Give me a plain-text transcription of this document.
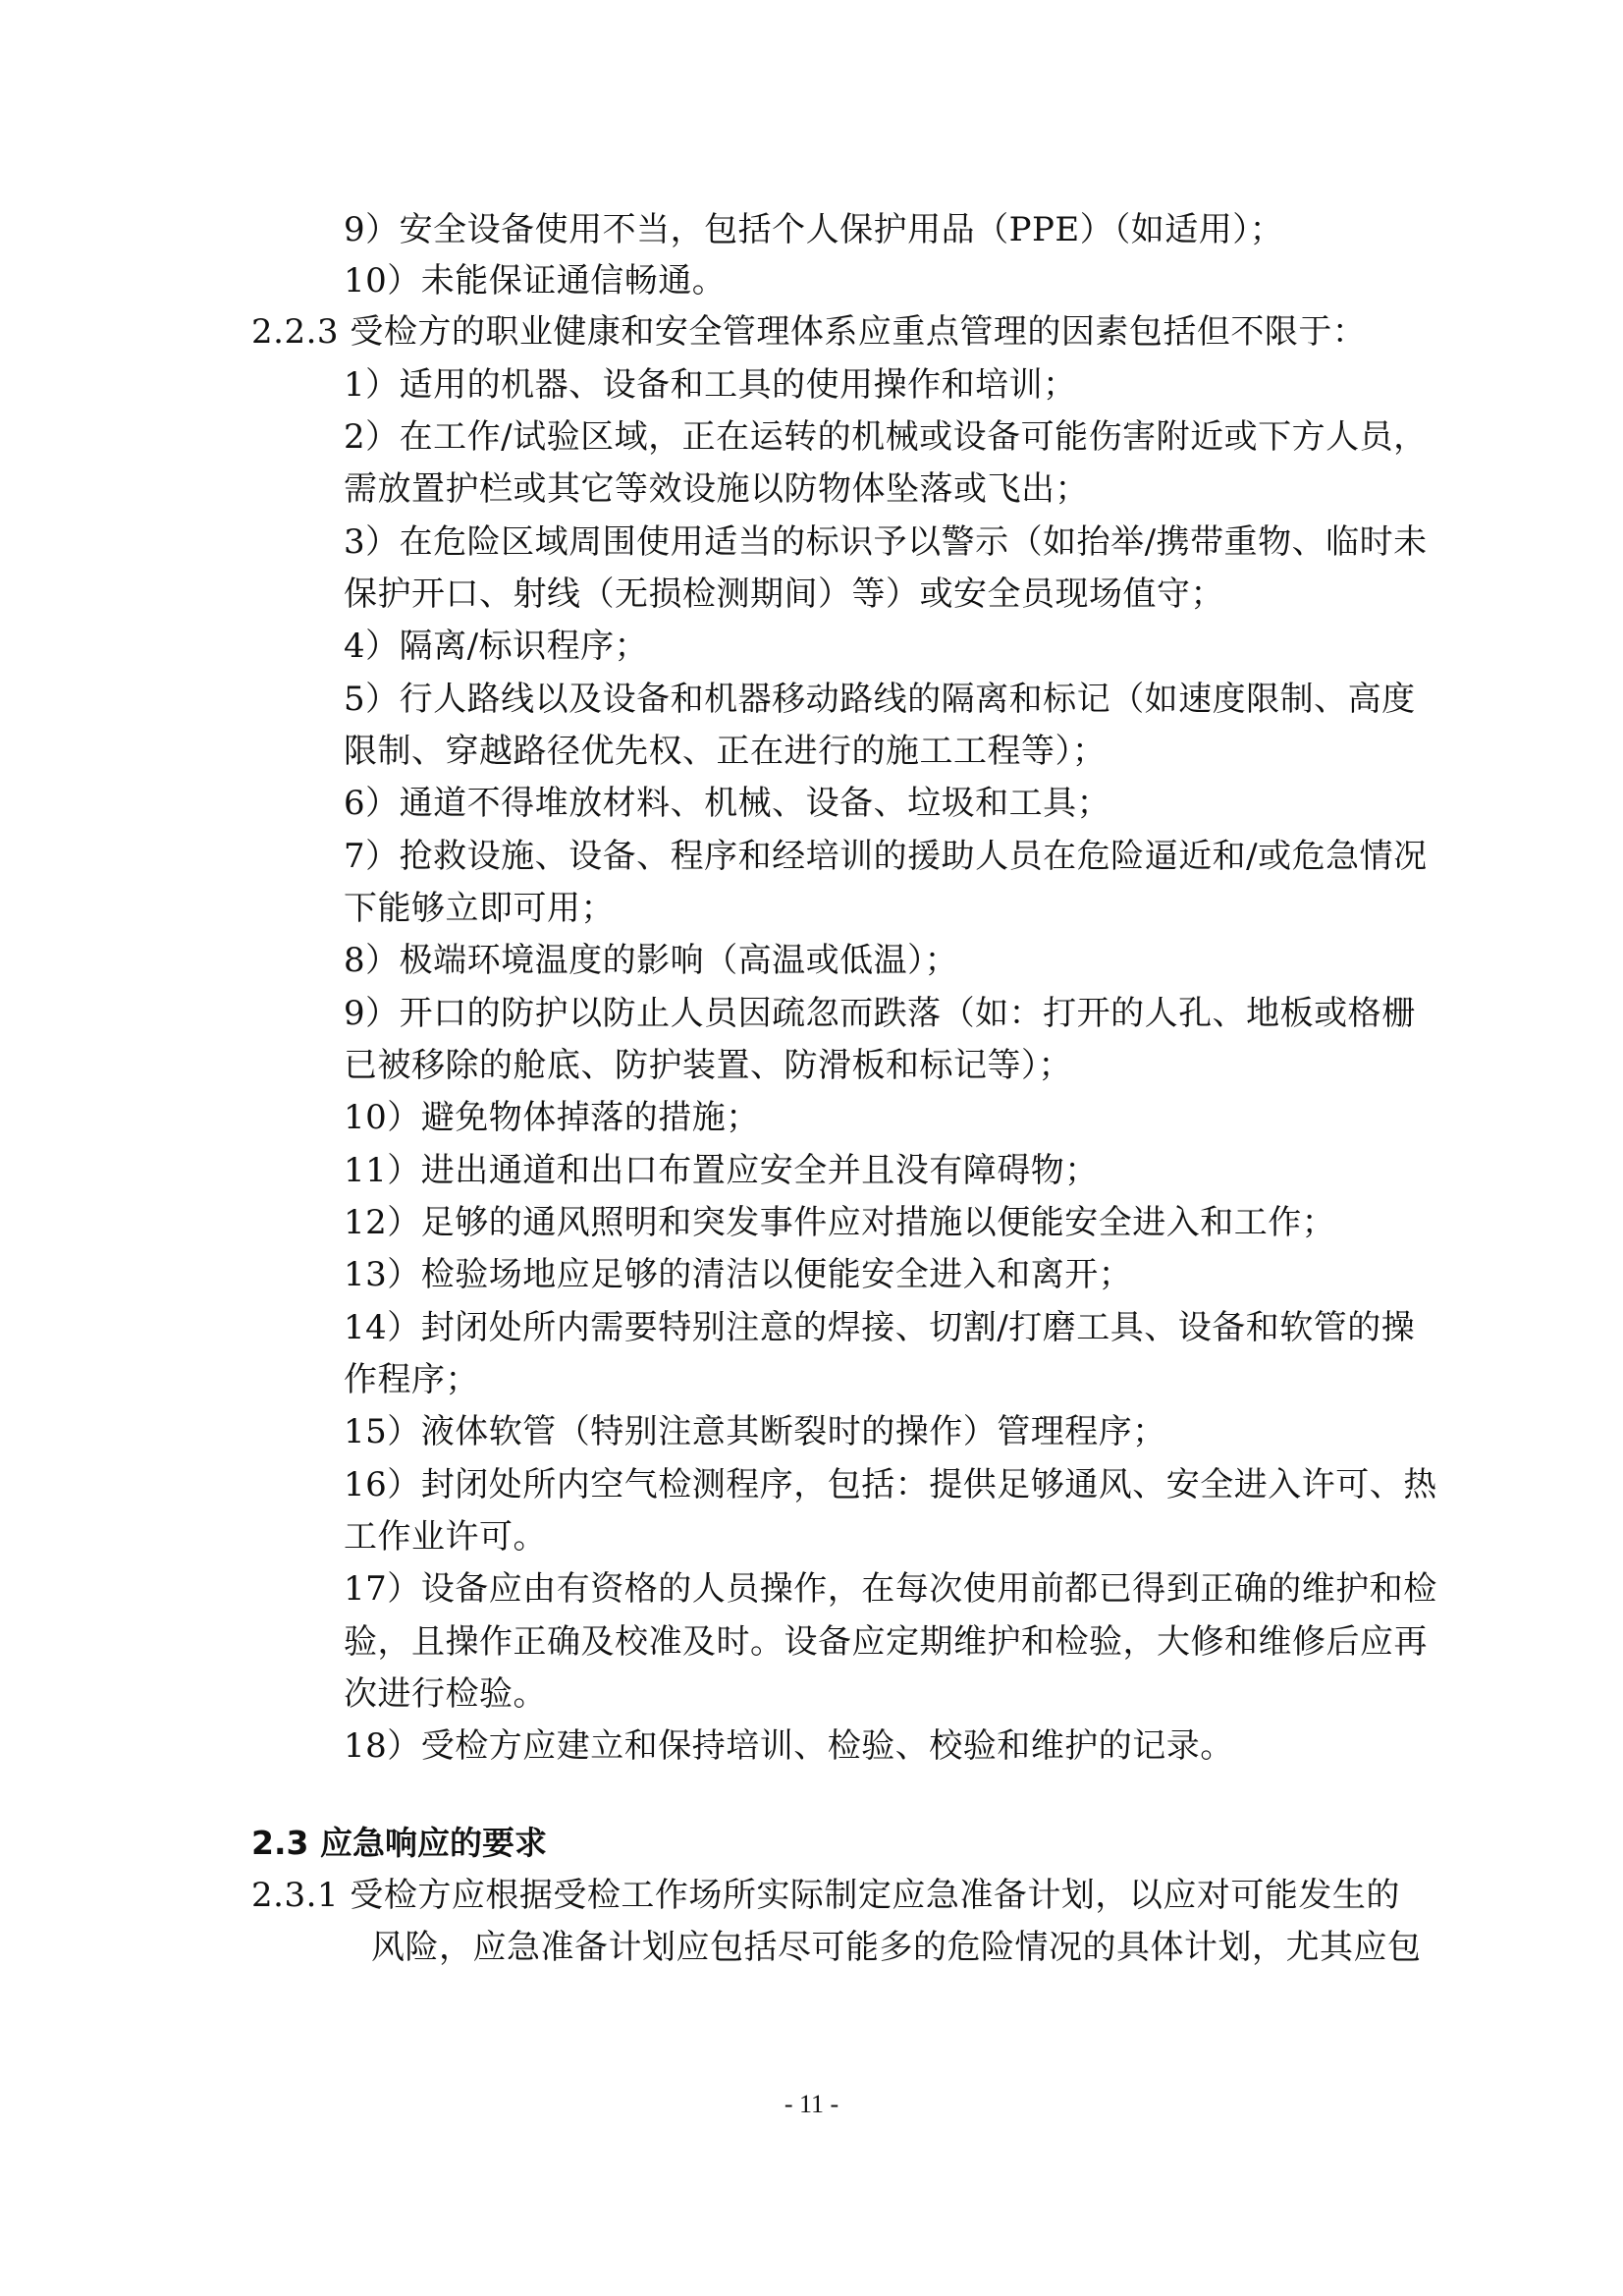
9）安全设备使用不当，包括个人保护用品（PPE）（如适用）；
10）未能保证通信畅通。
2.2.3 受检方的职业健康和安全管理体系应重点管理的因素包括但不限于：
1）适用的机器、设备和工具的使用操作和培训；
2）在工作/试验区域，正在运转的机械或设备可能伤害附近或下方人员，
需放置护栏或其它等效设施以防物体坠落或飞出；
3）在危险区域周围使用适当的标识予以警示（如抬举/携带重物、临时未
保护开口、射线（无损检测期间）等）或安全员现场值守；
4）隔离/标识程序；
5）行人路线以及设备和机器移动路线的隔离和标记（如速度限制、高度
限制、穿越路径优先权、正在进行的施工工程等）；
6）通道不得堆放材料、机械、设备、垃圾和工具；
7）抢救设施、设备、程序和经培训的援助人员在危险逼近和/或危急情况
下能够立即可用；
8）极端环境温度的影响（高温或低温）；
9）开口的防护以防止人员因疏忽而跌落（如：打开的人孔、地板或格栅
已被移除的舱底、防护装置、防滑板和标记等）；
10）避免物体掉落的措施；
11）进出通道和出口布置应安全并且没有障碍物；
12）足够的通风照明和突发事件应对措施以便能安全进入和工作；
13）检验场地应足够的清洁以便能安全进入和离开；
14）封闭处所内需要特别注意的焊接、切割/打磨工具、设备和软管的操
作程序；
15）液体软管（特别注意其断裂时的操作）管理程序；
16）封闭处所内空气检测程序，包括：提供足够通风、安全进入许可、热
工作业许可。
17）设备应由有资格的人员操作，在每次使用前都已得到正确的维护和检
验，且操作正确及校准及时。设备应定期维护和检验，大修和维修后应再
次进行检验。
18）受检方应建立和保持培训、检验、校验和维护的记录。
2.3 应急响应的要求
2.3.1 受检方应根据受检工作场所实际制定应急准备计划，以应对可能发生的
风险，应急准备计划应包括尽可能多的危险情况的具体计划，尤其应包
- 11 -
